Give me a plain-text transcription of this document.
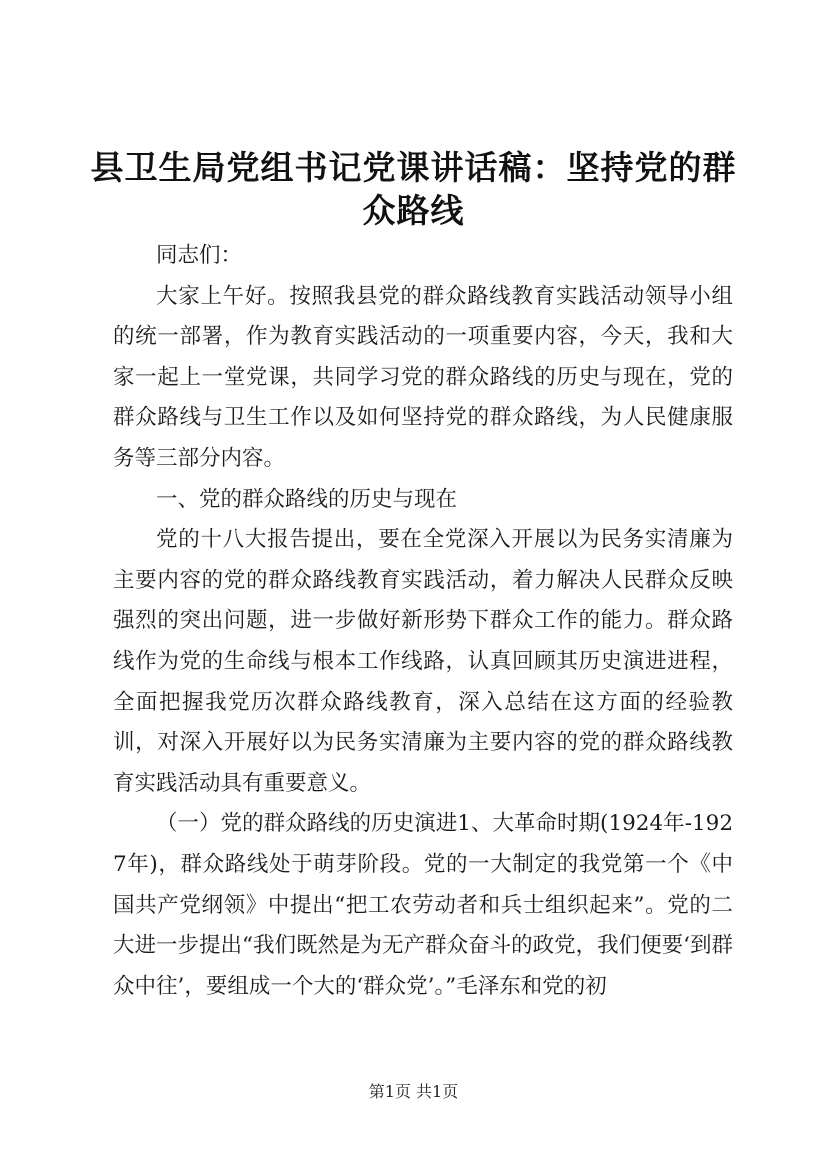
县卫生局党组书记党课讲话稿：坚持党的群众路线

同志们：

大家上午好。按照我县党的群众路线教育实践活动领导小组的统一部署，作为教育实践活动的一项重要内容，今天，我和大家一起上一堂党课，共同学习党的群众路线的历史与现在，党的群众路线与卫生工作以及如何坚持党的群众路线，为人民健康服务等三部分内容。

一、党的群众路线的历史与现在

党的十八大报告提出，要在全党深入开展以为民务实清廉为主要内容的党的群众路线教育实践活动，着力解决人民群众反映强烈的突出问题，进一步做好新形势下群众工作的能力。群众路线作为党的生命线与根本工作线路，认真回顾其历史演进进程，全面把握我党历次群众路线教育，深入总结在这方面的经验教训，对深入开展好以为民务实清廉为主要内容的党的群众路线教育实践活动具有重要意义。

（一）党的群众路线的历史演进1、大革命时期(1924年-1927年)，群众路线处于萌芽阶段。党的一大制定的我党第一个《中国共产党纲领》中提出“把工农劳动者和兵士组织起来”。党的二大进一步提出“我们既然是为无产群众奋斗的政党，我们便要‘到群众中往’，要组成一个大的‘群众党’。”毛泽东和党的初

第1页 共1页
